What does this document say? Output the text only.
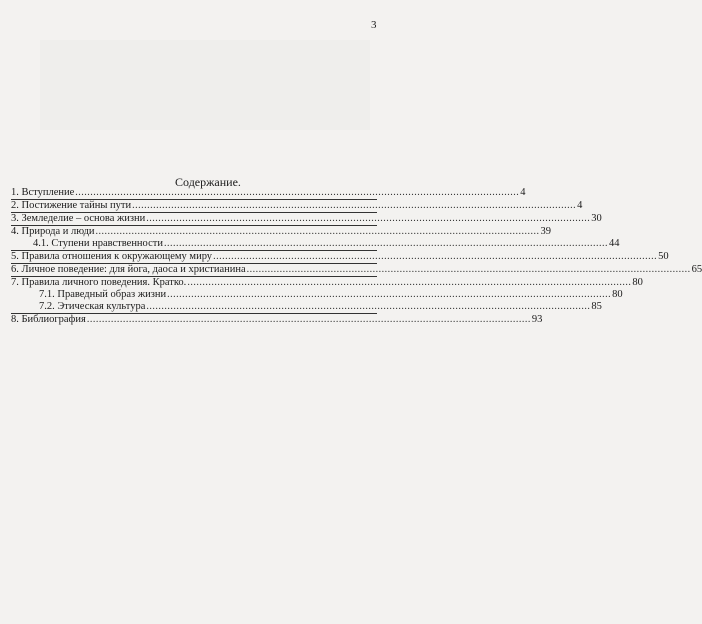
3
Содержание.
1. Вступление .................................................................................................................................................... 4
2. Постижение тайны пути .................................................................................................................................................... 4
3. Земледелие – основа жизни .................................................................................................................................................... 30
4. Природа и люди .................................................................................................................................................... 39
4.1. Ступени нравственности .................................................................................................................................................... 44
5. Правила отношения к окружающему миру .................................................................................................................................................... 50
6. Личное поведение: для йога, даоса и христианина .................................................................................................................................................... 65
7. Правила личного поведения. Кратко. .................................................................................................................................................... 80
7.1. Праведный образ жизни .................................................................................................................................................... 80
7.2. Этическая культура .................................................................................................................................................... 85
8. Библиография .................................................................................................................................................... 93
